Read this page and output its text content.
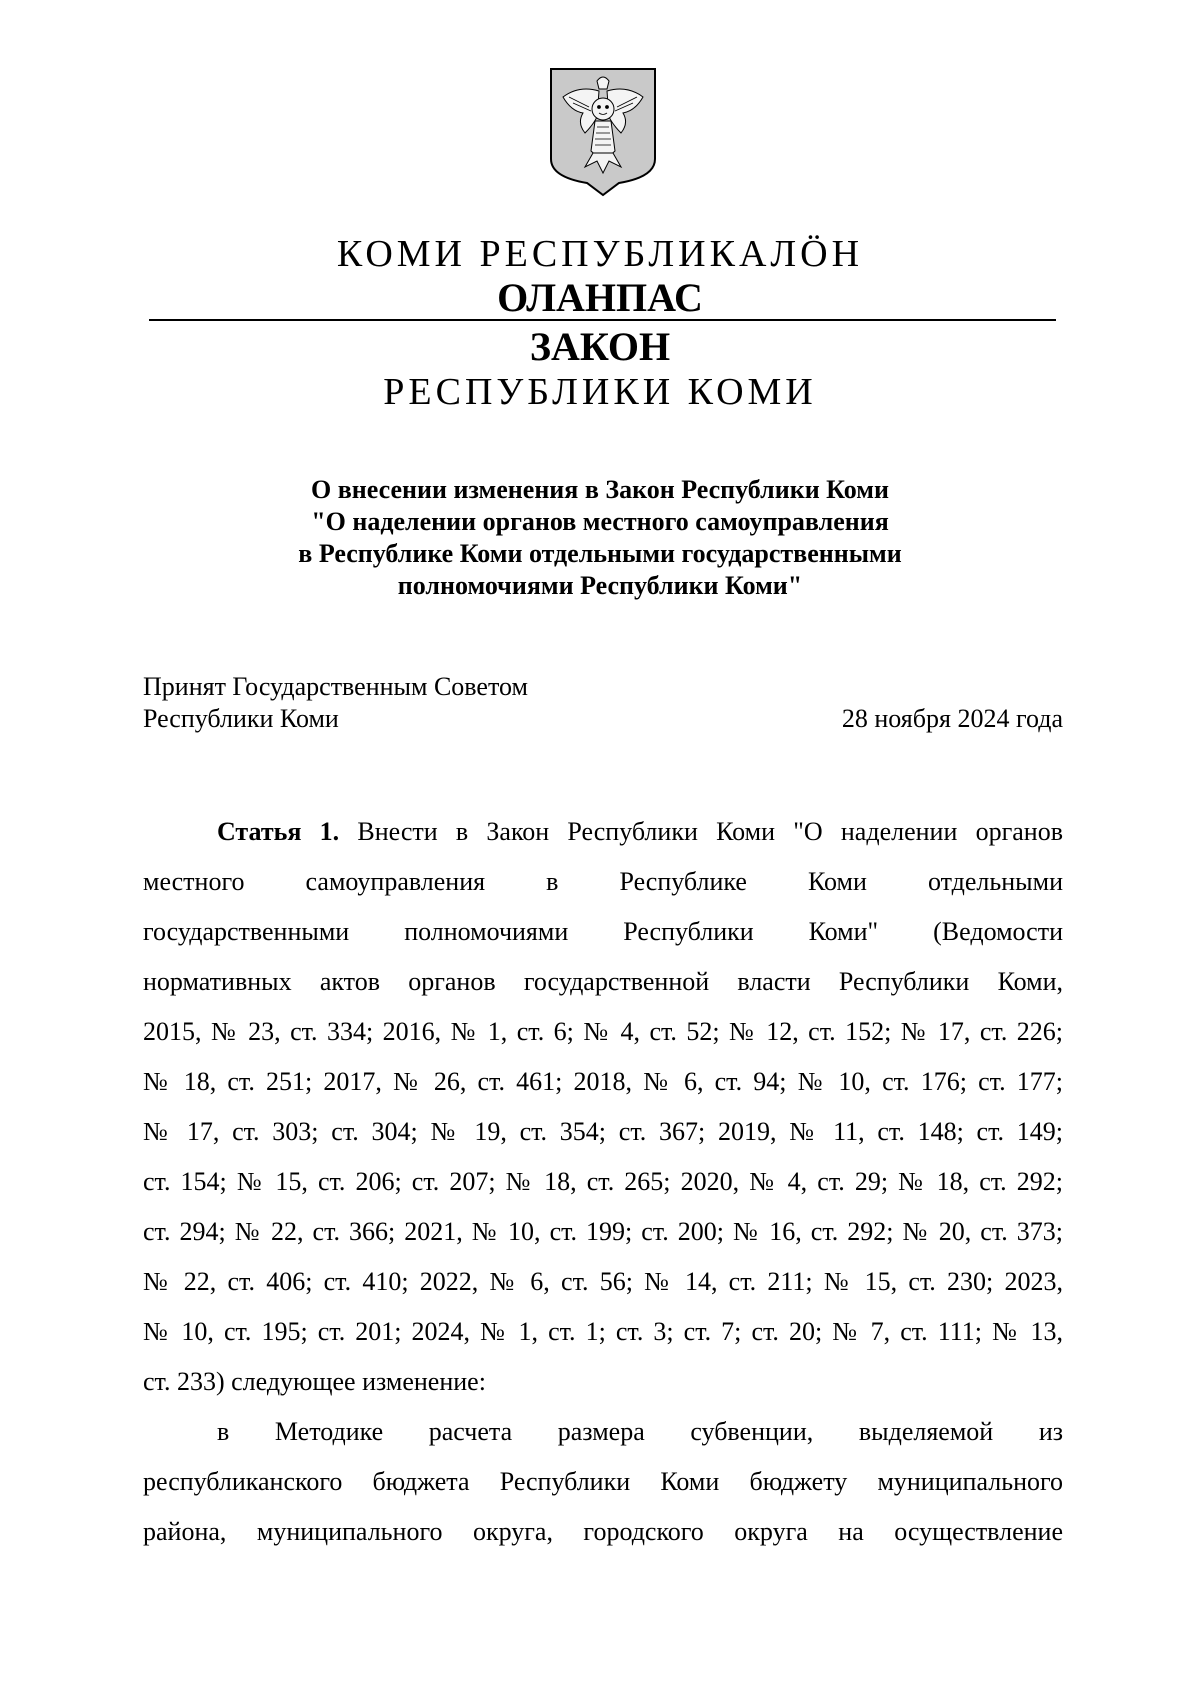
КОМИ РЕСПУБЛИКАЛӦН
ОЛАНПАС
ЗАКОН
РЕСПУБЛИКИ КОМИ
О внесении изменения в Закон Республики Коми
"О наделении органов местного самоуправления
в Республике Коми отдельными государственными
полномочиями Республики Коми"
Принят Государственным Советом
Республики Коми	28 ноября 2024 года
Статья 1. Внести в Закон Республики Коми "О наделении органов
местного самоуправления в Республике Коми отдельными
государственными полномочиями Республики Коми" (Ведомости
нормативных актов органов государственной власти Республики Коми,
2015, № 23, ст. 334; 2016, № 1, ст. 6; № 4, ст. 52; № 12, ст. 152; № 17, ст. 226;
№ 18, ст. 251; 2017, № 26, ст. 461; 2018, № 6, ст. 94; № 10, ст. 176; ст. 177;
№ 17, ст. 303; ст. 304; № 19, ст. 354; ст. 367; 2019, № 11, ст. 148; ст. 149;
ст. 154; № 15, ст. 206; ст. 207; № 18, ст. 265; 2020, № 4, ст. 29; № 18, ст. 292;
ст. 294; № 22, ст. 366; 2021, № 10, ст. 199; ст. 200; № 16, ст. 292; № 20, ст. 373;
№ 22, ст. 406; ст. 410; 2022, № 6, ст. 56; № 14, ст. 211; № 15, ст. 230; 2023,
№ 10, ст. 195; ст. 201; 2024, № 1, ст. 1; ст. 3; ст. 7; ст. 20; № 7, ст. 111; № 13,
ст. 233) следующее изменение:
в Методике расчета размера субвенции, выделяемой из
республиканского бюджета Республики Коми бюджету муниципального
района, муниципального округа, городского округа на осуществление
